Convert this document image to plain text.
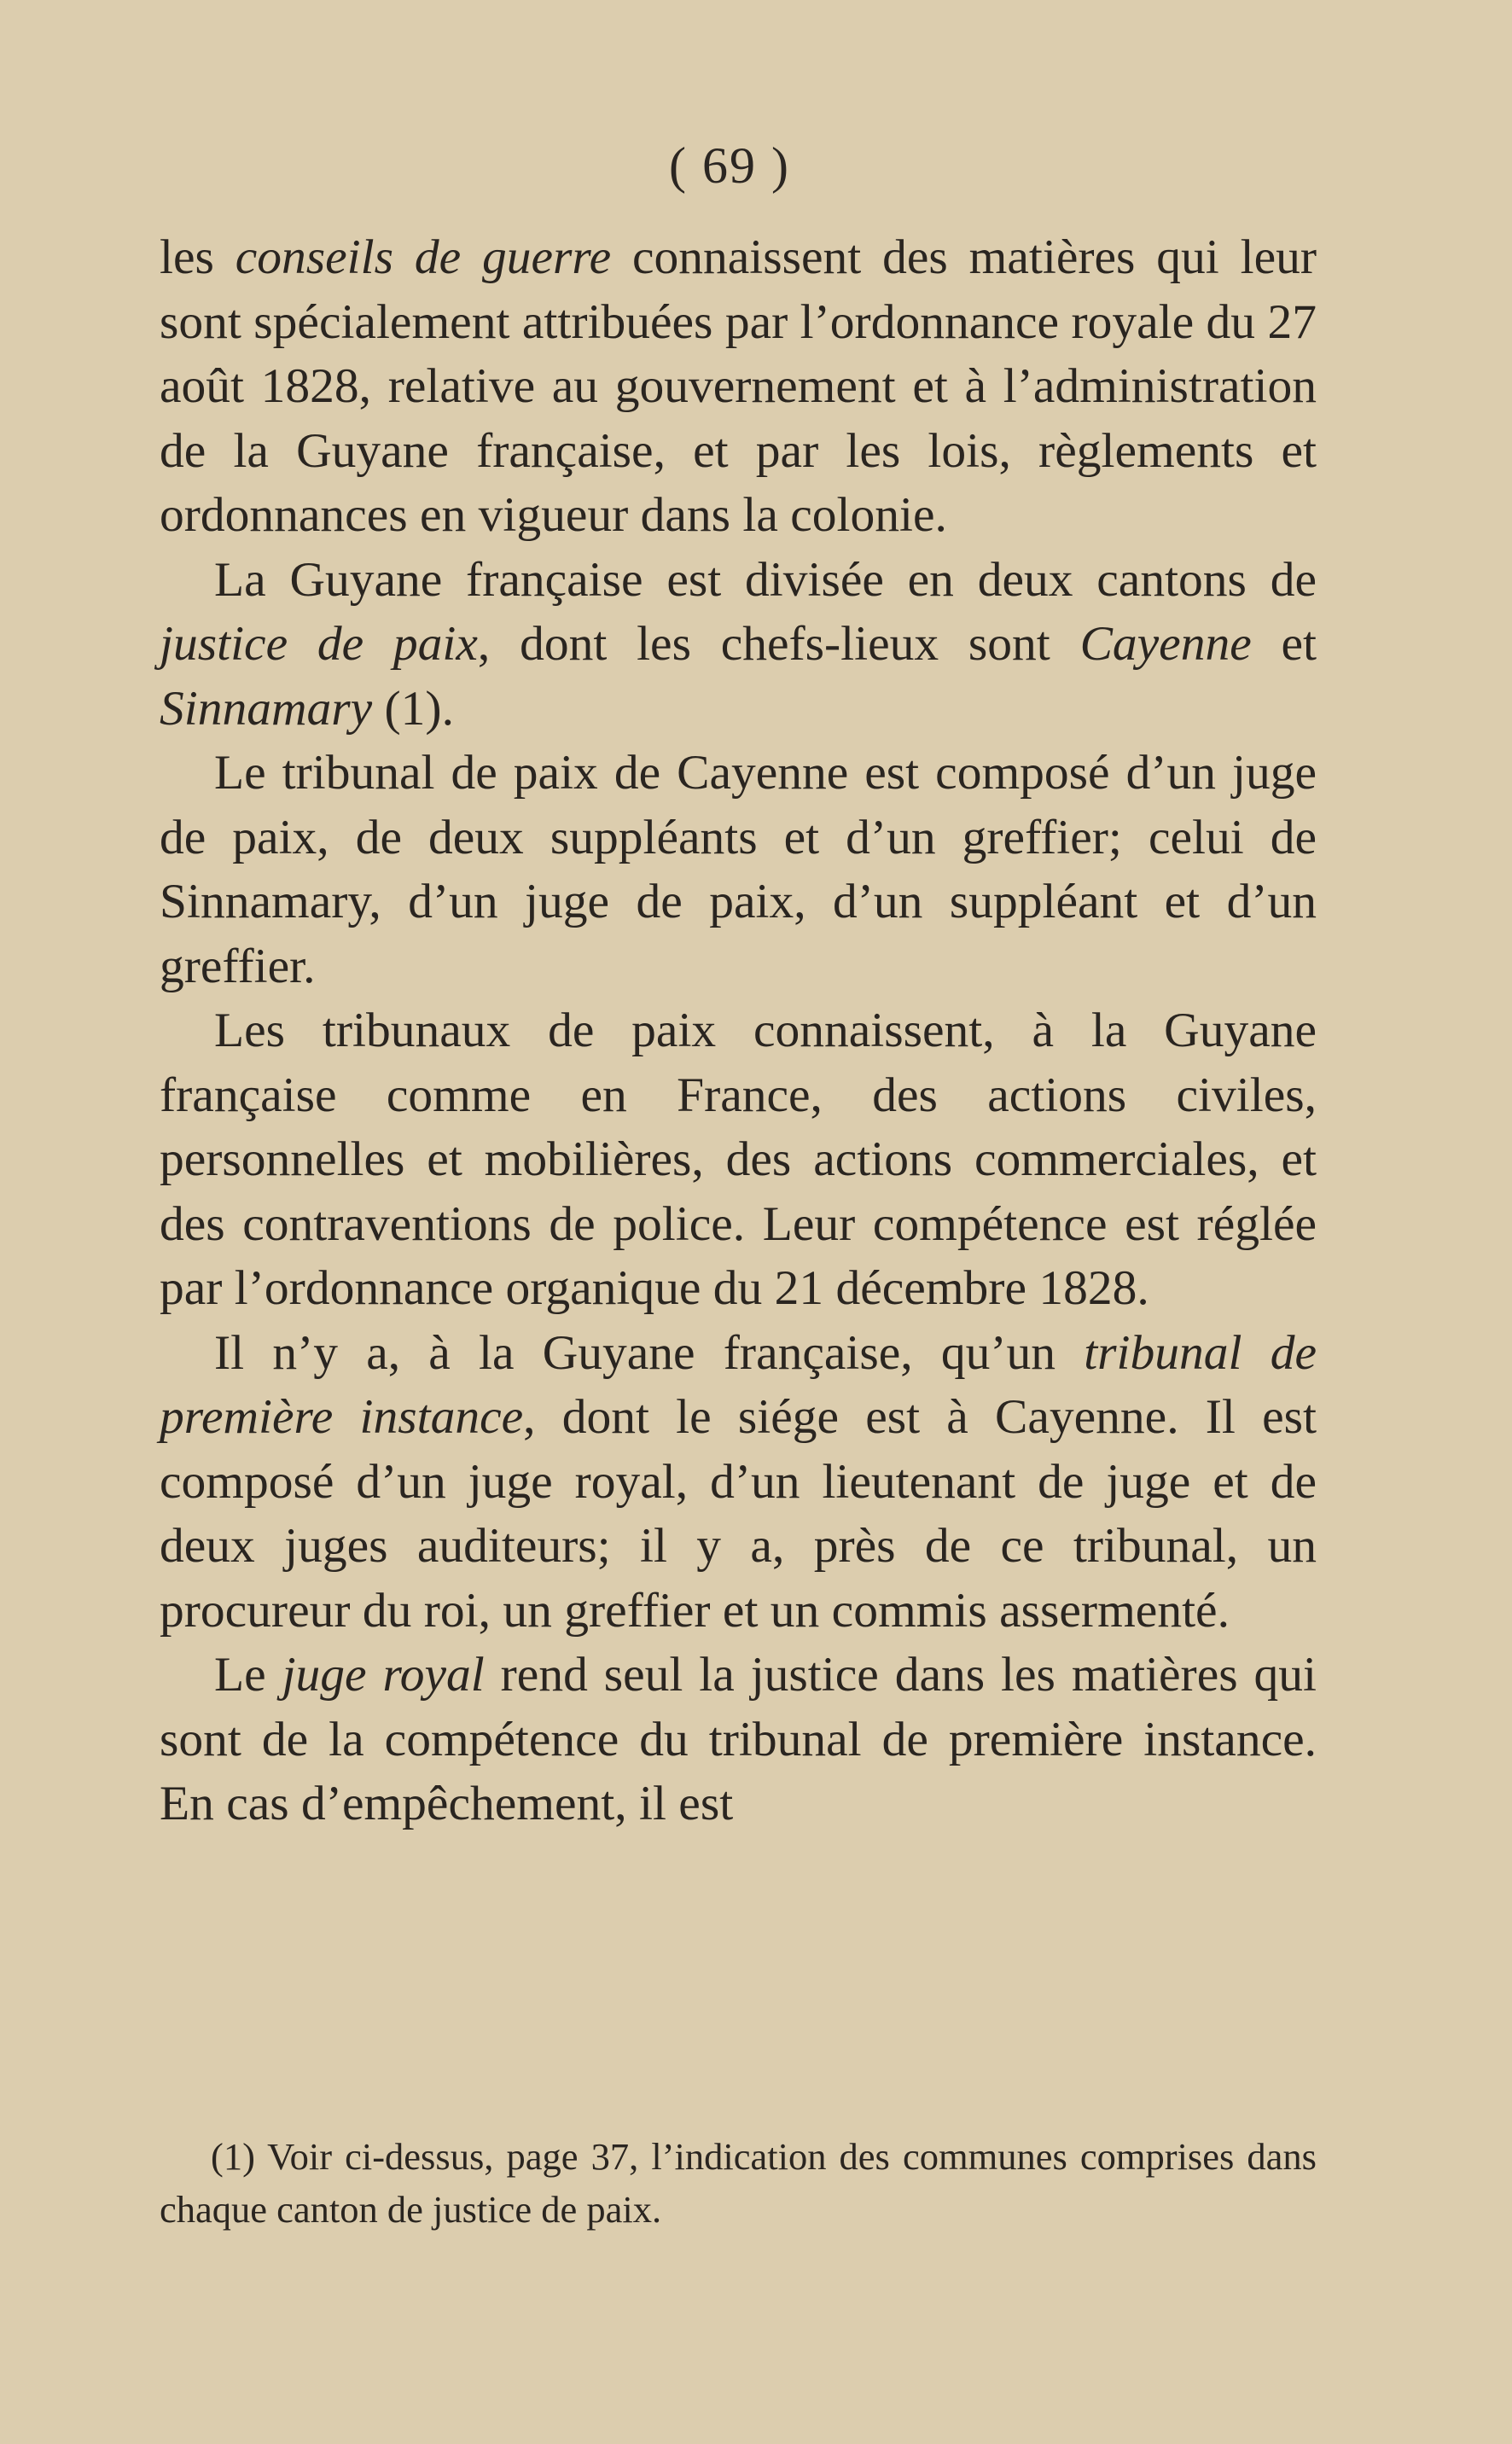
( 69 )

les conseils de guerre connaissent des matières qui leur sont spécialement attribuées par l’ordonnance royale du 27 août 1828, relative au gouvernement et à l’administration de la Guyane française, et par les lois, règlements et ordonnances en vigueur dans la colonie.

La Guyane française est divisée en deux cantons de justice de paix, dont les chefs-lieux sont Cayenne et Sinnamary (1).

Le tribunal de paix de Cayenne est composé d’un juge de paix, de deux suppléants et d’un greffier; celui de Sinnamary, d’un juge de paix, d’un suppléant et d’un greffier.

Les tribunaux de paix connaissent, à la Guyane française comme en France, des actions civiles, personnelles et mobilières, des actions commerciales, et des contraventions de police. Leur compétence est réglée par l’ordonnance organique du 21 décembre 1828.

Il n’y a, à la Guyane française, qu’un tribunal de première instance, dont le siége est à Cayenne. Il est composé d’un juge royal, d’un lieutenant de juge et de deux juges auditeurs; il y a, près de ce tribunal, un procureur du roi, un greffier et un commis assermenté.

Le juge royal rend seul la justice dans les matières qui sont de la compétence du tribunal de première instance. En cas d’empêchement, il est

(1) Voir ci-dessus, page 37, l’indication des communes comprises dans chaque canton de justice de paix.
